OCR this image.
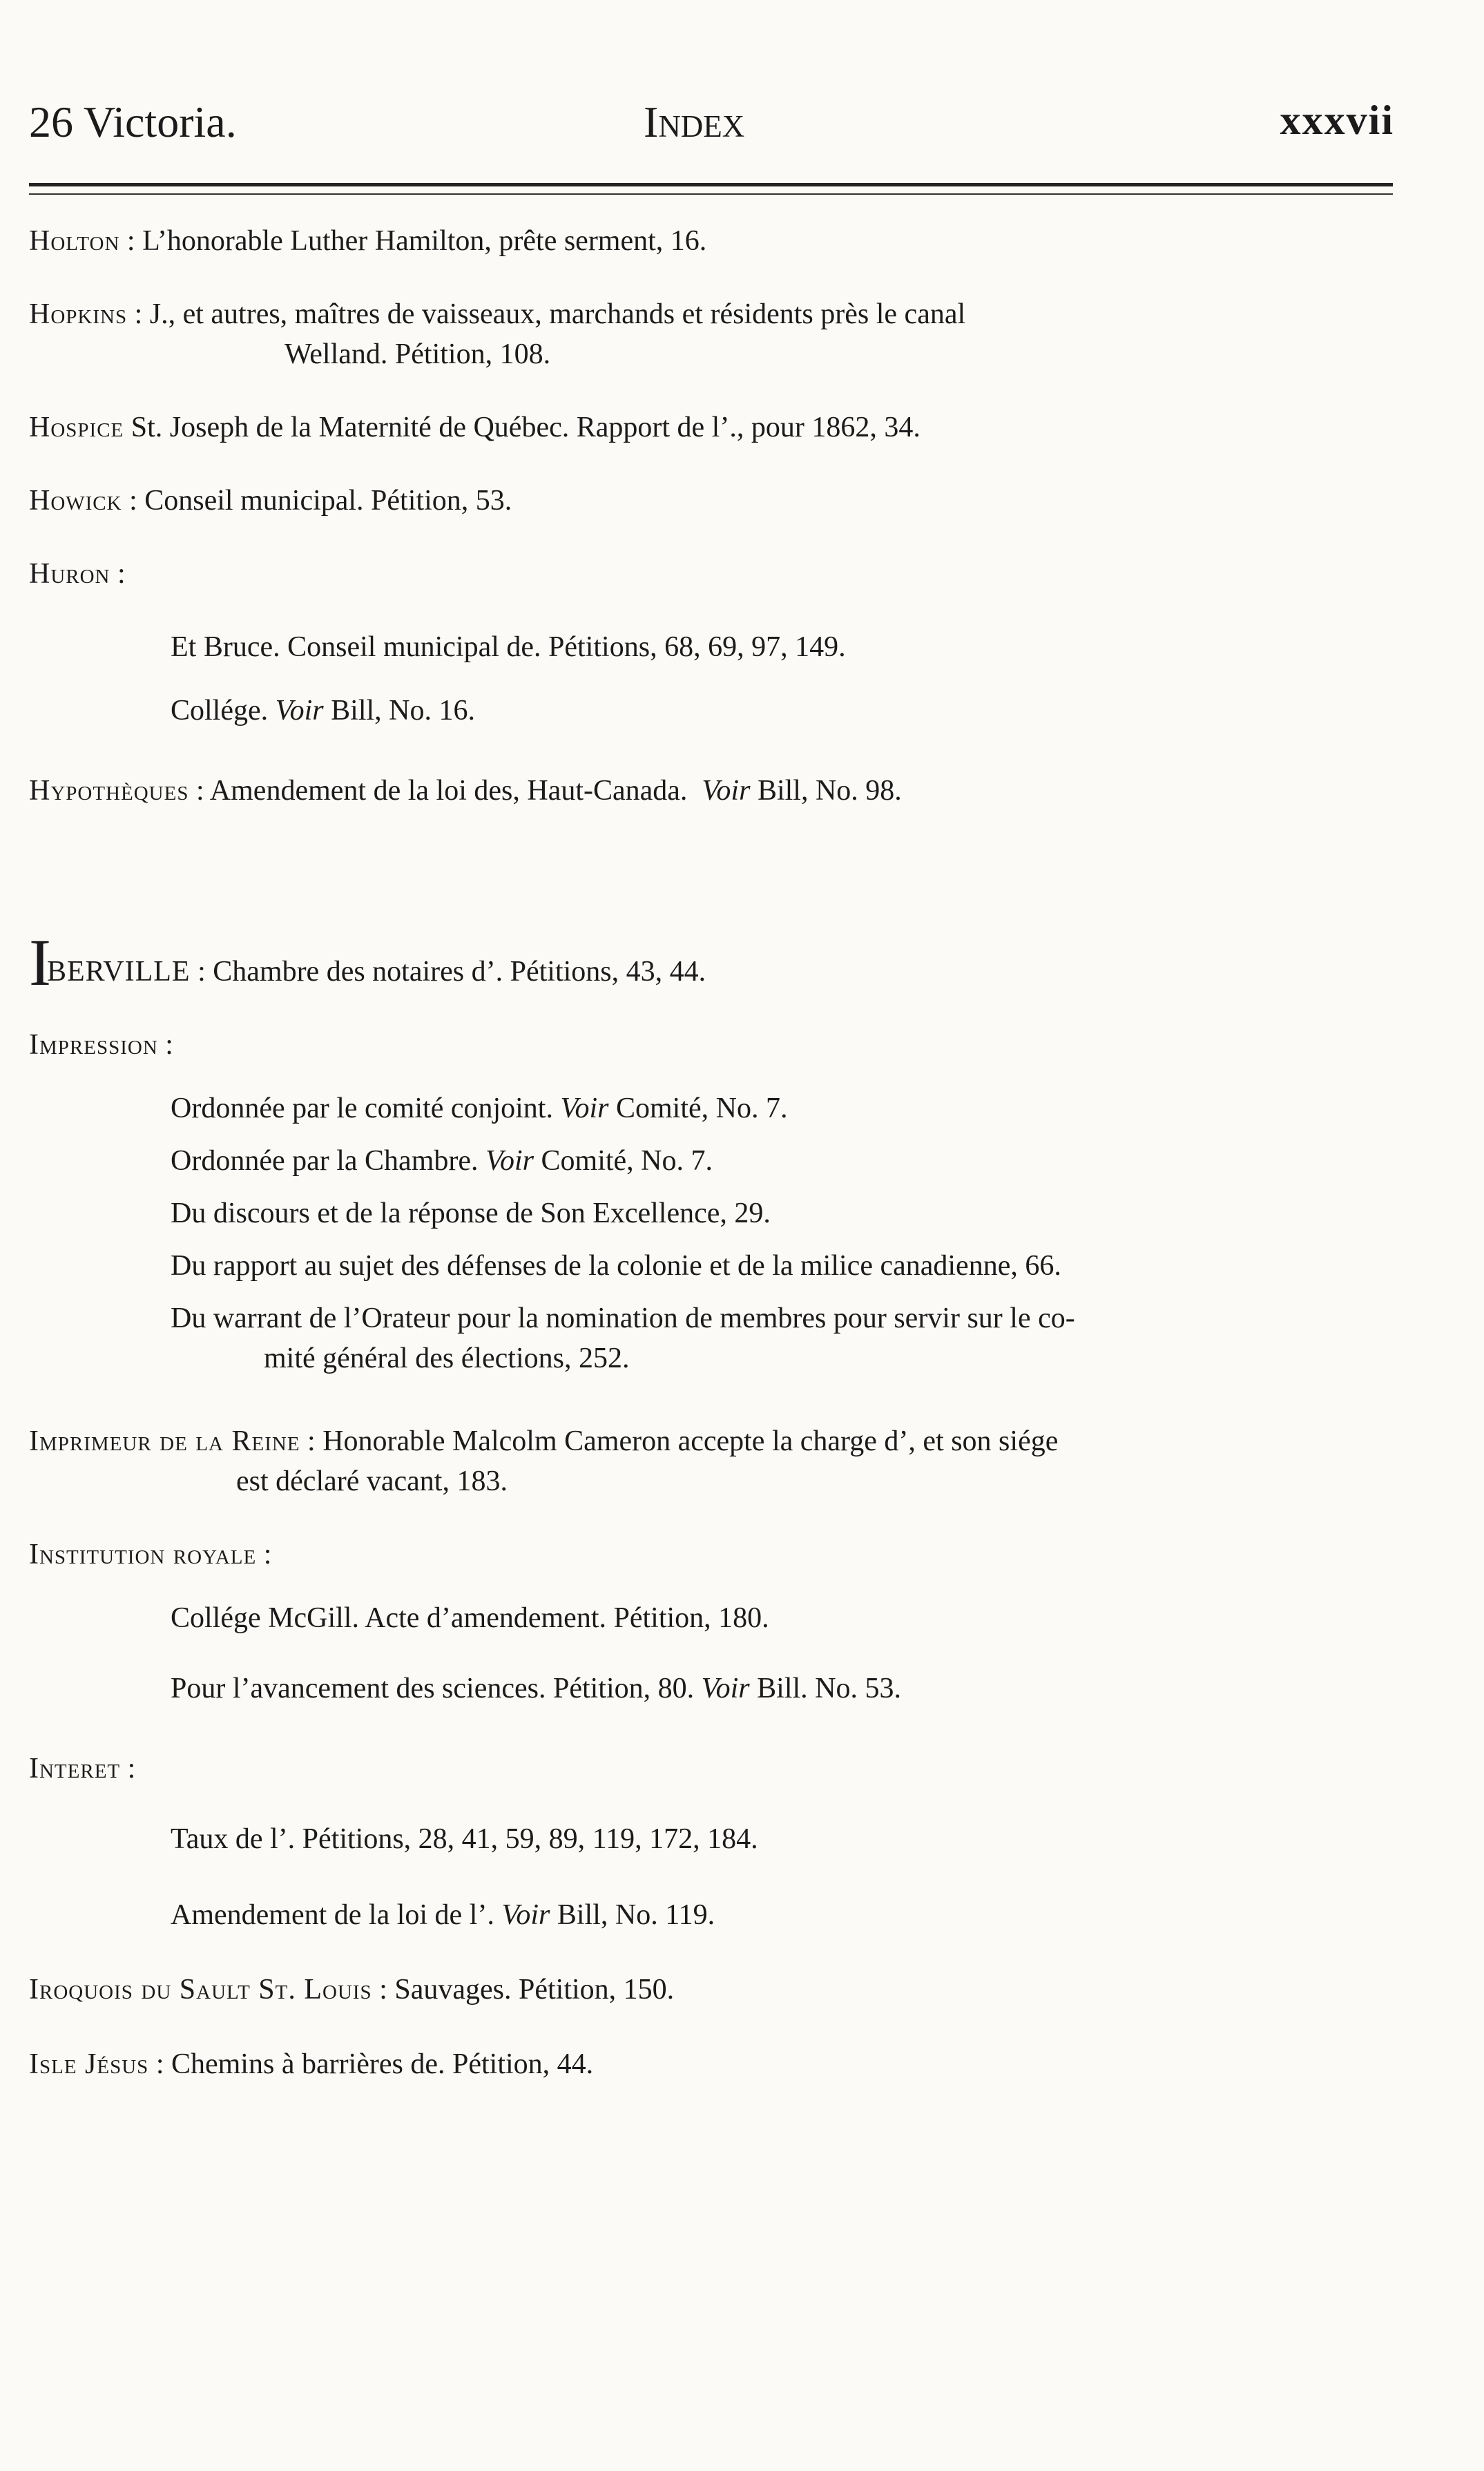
26 Victoria.	Index	xxxvii
Holton : L’honorable Luther Hamilton, prête serment, 16.
Hopkins : J., et autres, maîtres de vaisseaux, marchands et résidents près le canal
Welland. Pétition, 108.
Hospice St. Joseph de la Maternité de Québec. Rapport de l’., pour 1862, 34.
Howick : Conseil municipal. Pétition, 53.
Huron :
Et Bruce. Conseil municipal de. Pétitions, 68, 69, 97, 149.
Collége. Voir Bill, No. 16.
Hypothèques : Amendement de la loi des, Haut-Canada. Voir Bill, No. 98.
IBERVILLE : Chambre des notaires d’. Pétitions, 43, 44.
Impression :
Ordonnée par le comité conjoint. Voir Comité, No. 7.
Ordonnée par la Chambre. Voir Comité, No. 7.
Du discours et de la réponse de Son Excellence, 29.
Du rapport au sujet des défenses de la colonie et de la milice canadienne, 66.
Du warrant de l’Orateur pour la nomination de membres pour servir sur le co-
mité général des élections, 252.
Imprimeur de la Reine : Honorable Malcolm Cameron accepte la charge d’, et son siége
est déclaré vacant, 183.
Institution royale :
Collége McGill. Acte d’amendement. Pétition, 180.
Pour l’avancement des sciences. Pétition, 80. Voir Bill. No. 53.
Interet :
Taux de l’. Pétitions, 28, 41, 59, 89, 119, 172, 184.
Amendement de la loi de l’. Voir Bill, No. 119.
Iroquois du Sault St. Louis : Sauvages. Pétition, 150.
Isle Jésus : Chemins à barrières de. Pétition, 44.
